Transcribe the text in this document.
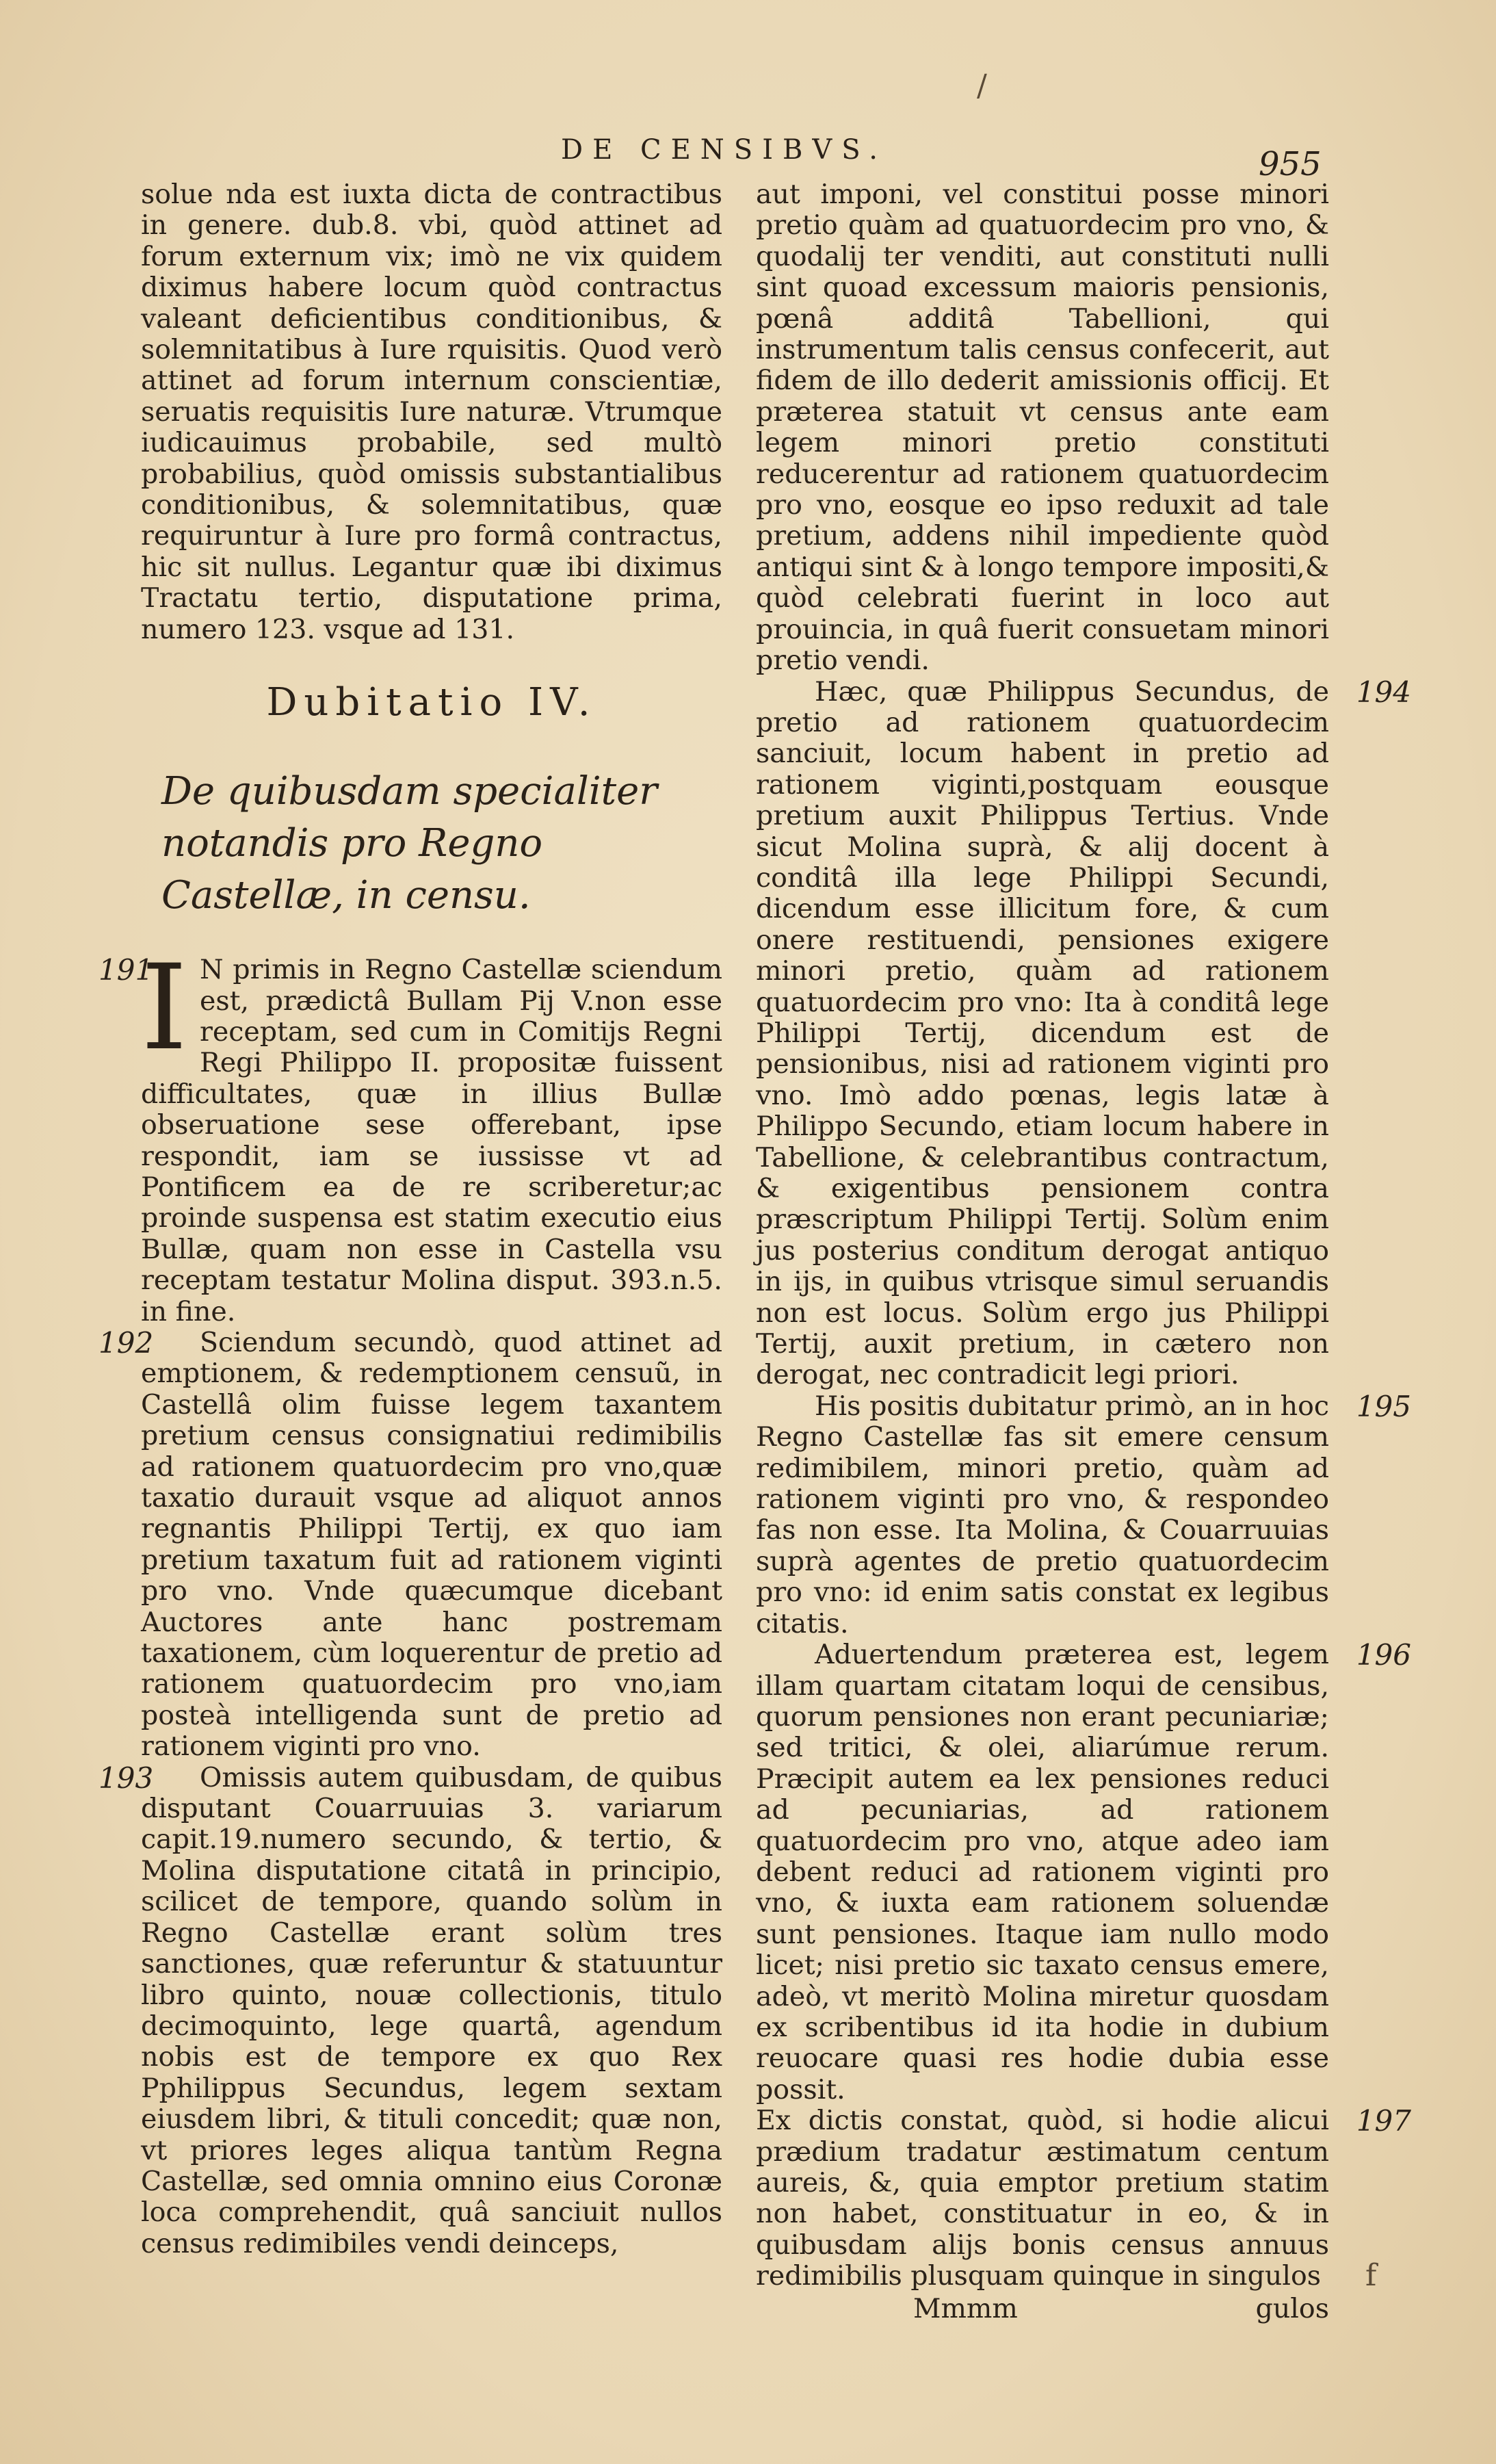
/
DE CENSIBVS.	955

solue nda est iuxta dicta de contractibus in genere. dub.8. vbi, quòd attinet ad forum externum vix; imò ne vix quidem diximus habere locum quòd contractus valeant deficientibus conditionibus, & solemnitatibus à Iure rquisitis. Quod verò attinet ad forum internum conscientiæ, seruatis requisitis Iure naturæ. Vtrumque iudicauimus probabile, sed multò probabilius, quòd omissis substantialibus conditionibus, & solemnitatibus, quæ requiruntur à Iure pro formâ contractus, hic sit nullus. Legantur quæ ibi diximus Tractatu tertio, disputatione prima, numero 123. vsque ad 131.

Dubitatio IV.
De quibusdam specialiter notandis pro Regno Castellæ, in censu.
191
I N primis in Regno Castellæ sciendum est, prædictâ Bullam Pij V.non esse receptam, sed cum in Comitijs Regni Regi Philippo II. propositæ fuissent difficultates, quæ in illius Bullæ obseruatione sese offerebant, ipse respondit, iam se iussisse vt ad Pontificem ea de re scriberetur;ac proinde suspensa est statim executio eius Bullæ, quam non esse in Castella vsu receptam testatur Molina disput. 393.n.5. in fine.

192	Sciendum secundò, quod attinet ad emptionem, & redemptionem censuũ, in Castellâ olim fuisse legem taxantem pretium census consignatiui redimibilis ad rationem quatuordecim pro vno,quæ taxatio durauit vsque ad aliquot annos regnantis Philippi Tertij, ex quo iam pretium taxatum fuit ad rationem viginti pro vno. Vnde quæcumque dicebant Auctores ante hanc postremam taxationem, cùm loquerentur de pretio ad rationem quatuordecim pro vno,iam posteà intelligenda sunt de pretio ad rationem viginti pro vno.

193	Omissis autem quibusdam, de quibus disputant Couarruuias 3. variarum capit.19.numero secundo, & tertio, & Molina disputatione citatâ in principio, scilicet de tempore, quando solùm in Regno Castellæ erant solùm tres sanctiones, quæ referuntur & statuuntur libro quinto, nouæ collectionis, titulo decimoquinto, lege quartâ, agendum nobis est de tempore ex quo Rex Pphilippus Secundus, legem sextam eiusdem libri, & tituli concedit; quæ non, vt priores leges aliqua tantùm Regna Castellæ, sed omnia omnino eius Coronæ loca comprehendit, quâ sanciuit nullos census redimibiles vendi deinceps,

aut imponi, vel constitui posse minori pretio quàm ad quatuordecim pro vno, & quodalij ter venditi, aut constituti nulli sint quoad excessum maioris pensionis, pœnâ additâ Tabellioni, qui instrumentum talis census confecerit, aut fidem de illo dederit amissionis officij. Et præterea statuit vt census ante eam legem minori pretio constituti reducerentur ad rationem quatuordecim pro vno, eosque eo ipso reduxit ad tale pretium, addens nihil impediente quòd antiqui sint & à longo tempore impositi,& quòd celebrati fuerint in loco aut prouincia, in quâ fuerit consuetam minori pretio vendi.

194

Hæc, quæ Philippus Secundus, de pretio ad rationem quatuordecim sanciuit, locum habent in pretio ad rationem viginti,postquam eousque pretium auxit Philippus Tertius. Vnde sicut Molina suprà, & alij docent à conditâ illa lege Philippi Secundi, dicendum esse illicitum fore, & cum onere restituendi, pensiones exigere minori pretio, quàm ad rationem quatuordecim pro vno: Ita à conditâ lege Philippi Tertij, dicendum est de pensionibus, nisi ad rationem viginti pro vno. Imò addo pœnas, legis latæ à Philippo Secundo, etiam locum habere in Tabellione, & celebrantibus contractum, & exigentibus pensionem contra præscriptum Philippi Tertij. Solùm enim jus posterius conditum derogat antiquo in ijs, in quibus vtrisque simul seruandis non est locus. Solùm ergo jus Philippi Tertij, auxit pretium, in cætero non derogat, nec contradicit legi priori.

195

His positis dubitatur primò, an in hoc Regno Castellæ fas sit emere censum redimibilem, minori pretio, quàm ad rationem viginti pro vno, & respondeo fas non esse. Ita Molina, & Couarruuias suprà agentes de pretio quatuordecim pro vno: id enim satis constat ex legibus citatis.

196

Aduertendum præterea est, legem illam quartam citatam loqui de censibus, quorum pensiones non erant pecuniariæ; sed tritici, & olei, aliarúmue rerum. Præcipit autem ea lex pensiones reduci ad pecuniarias, ad rationem quatuordecim pro vno, atque adeo iam debent reduci ad rationem viginti pro vno, & iuxta eam rationem soluendæ sunt pensiones. Itaque iam nullo modo licet; nisi pretio sic taxato census emere, adeò, vt meritò Molina miretur quosdam ex scribentibus id ita hodie in dubium reuocare quasi res hodie dubia esse possit.

197

Ex dictis constat, quòd, si hodie alicui prædium tradatur æstimatum centum aureis, &, quia emptor pretium statim non habet, constituatur in eo, & in quibusdam alijs bonis census annuus redimibilis plusquam quinque in singulos

Mmmm	gulos
f
